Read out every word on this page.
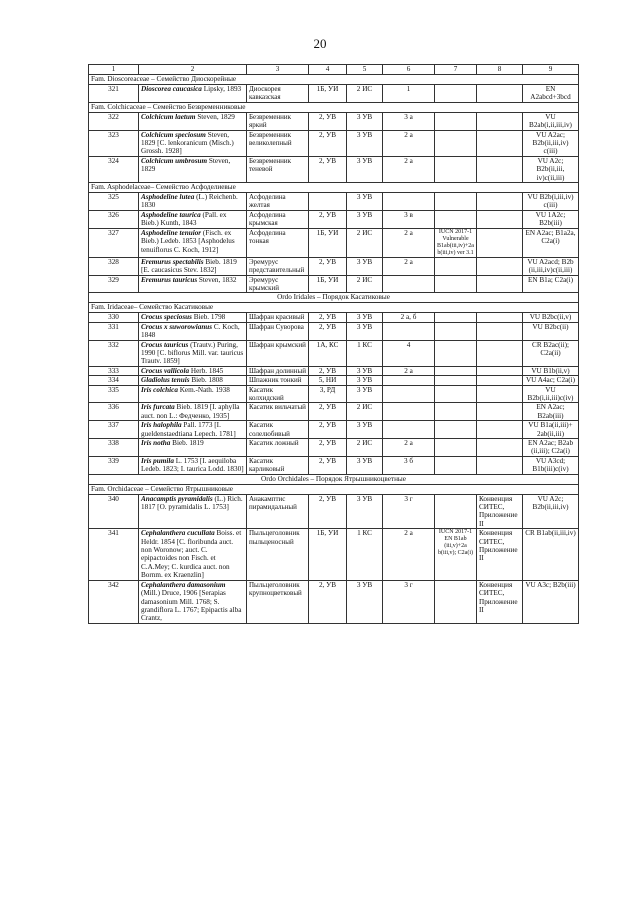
20
1	2	3	4	5	6	7	8	9
Fam. Dioscoreaceae – Семейство Диоскорейные								
321	Dioscorea caucasica Lipsky, 1893	Диоскорея кавказская	1Б, УИ	2 ИС	1			EN A2abcd+3bcd
Fam. Colchicaceae – Семейство Безвременниковые								
322	Colchicum laetum Steven, 1829	Безвременник яркий	2, УВ	3 УВ	3 а			VU B2ab(i,ii,iii,iv)
323	Colchicum speciosum Steven, 1829 [C. lenkoranicum (Misch.) Grossh. 1928]	Безвременник великолепный	2, УВ	3 УВ	2 а			VU A2ac; B2b(ii,iii,iv) c(iii)
324	Colchicum umbrosum Steven, 1829	Безвременник теневой	2, УВ	3 УВ	2 а			VU A2c; B2b(ii,iii, iv)c(ii,iii)
Fam. Asphodelaceae– Семейство Асфоделиевые								
325	Asphodeline lutea (L.) Reichenb. 1830	Асфоделина желтая		3 УВ				VU B2b(i,iii,iv) c(iii)
326	Asphodeline taurica (Pall. ex Bieb.) Kunth, 1843	Асфоделина крымская	2, УВ	3 УВ	3 в			VU 1A2c; B2b(iii)
327	Asphodeline tenuior (Fisch. ex Bieb.) Ledeb. 1853 [Asphodelus tenuiflorus C. Koch, 1912]	Асфоделина тонкая	1Б, УИ	2 ИС	2 а	IUCN 2017-1 Vulnerable B1ab(iii,iv)+2ab(iii,iv) ver 3.1		EN A2ac; B1a2a, C2a(i)
328	Eremurus spectabilis Bieb. 1819 [E. caucasicus Stev. 1832]	Эремурус представительный	2, УВ	3 УВ	2 а			VU A2acd; B2b (ii,iii,iv)c(ii,iii)
329	Eremurus tauricus Steven, 1832	Эремурус крымский	1Б, УИ	2 ИС				EN B1a; C2a(i)
Ordo Iridales – Порядок Касатиковые								
Fam. Iridaceae– Семейство Касатиковые								
330	Crocus speciosus Bieb. 1798	Шафран красивый	2, УВ	3 УВ	2 а, б			VU B2bc(ii,v)
331	Crocus x suworowianus C. Koch, 1848	Шафран Суворова	2, УВ	3 УВ				VU B2bc(ii)
332	Crocus tauricus (Trautv.) Puring, 1990 [C. biflorus Mill. var. tauricus Trautv. 1859]	Шафран крымский	1А, КС	1 КС	4			CR B2ac(ii); C2a(ii)
333	Crocus vallicola Herb. 1845	Шафран долинный	2, УВ	3 УВ	2 а			VU B1b(ii,v)
334	Gladiolus tenuis Bieb. 1808	Шпажник тонкий	5, НИ	3 УВ				VU A4ac; C2a(i)
335	Iris colchica Kem.-Nath. 1938	Касатик колхидский	3, РД	3 УВ				VU B2b(i,ii,iii)c(iv)
336	Iris furcata Bieb. 1819 [I. aphylla auct. non L.: Федченко, 1935]	Касатик вильчатый	2, УВ	2 ИС				EN A2ac; B2ab(iii)
337	Iris halophila Pall. 1773 [I. gueldenstaedtiana Lepech. 1781]	Касатик солелюбивый	2, УВ	3 УВ				VU B1a(ii,iii)+ 2ab(ii,iii)
338	Iris notha Bieb. 1819	Касатик ложный	2, УВ	2 ИС	2 а			EN A2ac; B2ab (ii,iii); C2a(i)
339	Iris pumila L. 1753 [I. aequiloba Ledeb. 1823; I. taurica Lodd. 1830]	Касатик карликовый	2, УВ	3 УВ	3 б			VU A3cd; B1b(iii)c(iv)
Ordo Orchidales – Порядок Ятрышникоцветные								
Fam. Orchidaceae – Семейство Ятрышниковые								
340	Anacamptis pyramidalis (L.) Rich. 1817 [O. pyramidalis L. 1753]	Анакамптис пирамидальный	2, УВ	3 УВ	3 г		Конвенция СИТЕС, Приложение II	VU A2c; B2b(ii,iii,iv)
341	Cephalanthera cucullata Boiss. et Heldr. 1854 [C. floribunda auct. non Woronow; auct. C. epipactoides non Fisch. et C.A.Mey; C. kurdica auct. non Bornm. ex Kraenzlin]	Пыльцеголовник пыльценосный	1Б, УИ	1 КС	2 а	IUCN 2017-1 EN B1ab (iii,v)+2a b(iii,v); C2a(i)	Конвенция СИТЕС, Приложение II	CR B1ab(ii,iii,iv)
342	Cephalanthera damasonium (Mill.) Druce, 1906 [Serapias damasonium Mill. 1768; S. grandiflora L. 1767; Epipactis alba Crantz,	Пыльцеголовник крупноцветковый	2, УВ	3 УВ	3 г		Конвенция СИТЕС, Приложение II	VU A3c; B2b(iii)
